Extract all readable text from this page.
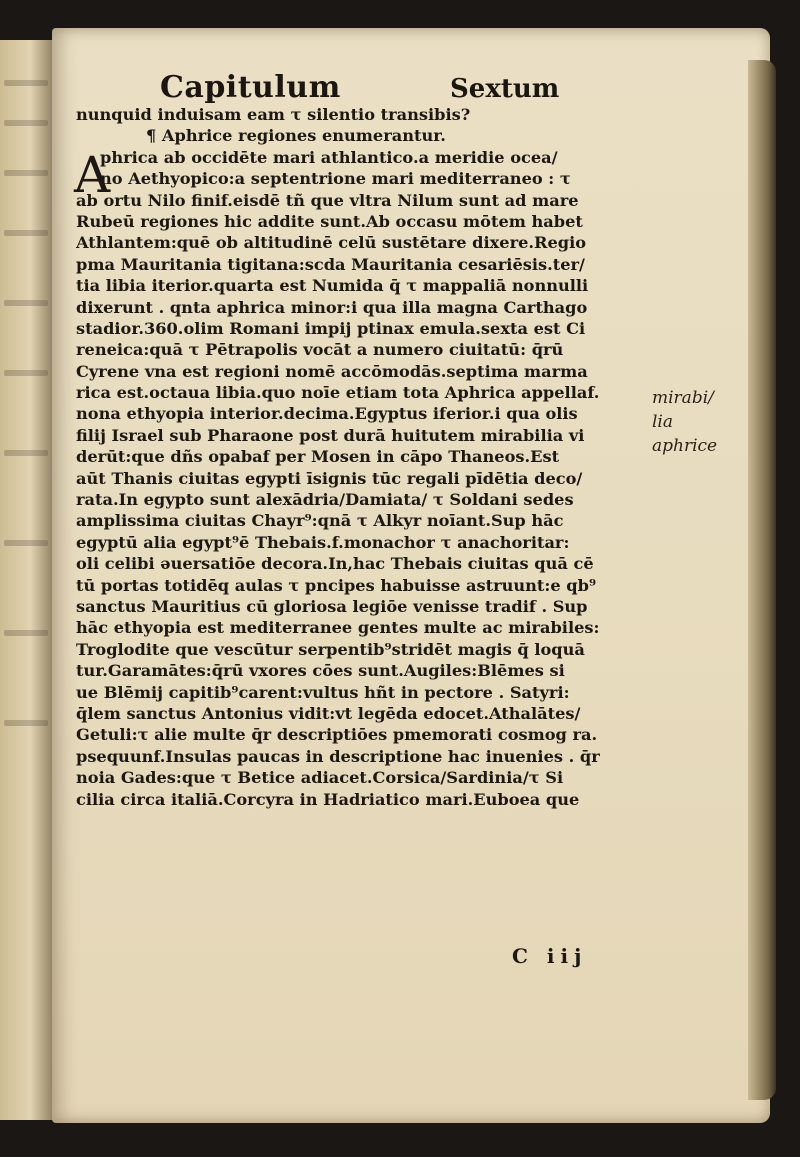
Capitulum	Sextum
A
nunquid induisam eam τ silentio transibis?
¶ Aphrice regiones enumerantur.
phrica ab occidēte mari athlantico.a meridie ocea/
no Aethyopico:a septentrione mari mediterraneo : τ
ab ortu Nilo finif.eisdē tñ que vltra Nilum sunt ad mare
Rubeū regiones hic addite sunt.Ab occasu mōtem habet
Athlantem:quē ob altitudinē celū sustētare dixere.Regio
pma Mauritania tigitana:scda Mauritania cesariēsis.ter/
tia libia iterior.quarta est Numida q̄ τ mappaliā nonnulli
dixerunt . qnta aphrica minor:i qua illa magna Carthago
stadior.360.olim Romani impij ptinax emula.sexta est Ci
reneica:quā τ Pētrapolis vocāt a numero ciuitatū: q̄rū
Cyrene vna est regioni nomē accōmodās.septima marma
rica est.octaua libia.quo noīe etiam tota Aphrica appellaf.
nona ethyopia interior.decima.Egyptus iferior.i qua olis
filij Israel sub Pharaone post durā huitutem mirabilia vi
derūt:que dñs opabaf per Mosen in cāpo Thaneos.Est
aūt Thanis ciuitas egypti īsignis tūc regali pīdētia deco/
rata.In egypto sunt alexādria/Damiata/ τ Soldani sedes
amplissima ciuitas Chayr⁹:qnā τ Alkyr noīant.Sup hāc
egyptū alia egypt⁹ē Thebais.f.monachor τ anachoritar:
oli celibi əuersatiōe decora.In,hac Thebais ciuitas quā cē
tū portas totidēq aulas τ pncipes habuisse astruunt:e qb⁹
sanctus Mauritius cū gloriosa legiōe venisse tradif . Sup
hāc ethyopia est mediterranee gentes multe ac mirabiles:
Troglodite que vescūtur serpentib⁹stridēt magis q̄ loquā
tur.Garamātes:q̄rū vxores cōes sunt.Augiles:Blēmes si
ue Blēmij capitib⁹carent:vultus hñt in pectore . Satyri:
q̄lem sanctus Antonius vidit:vt legēda edocet.Athalātes/
Getuli:τ alie multe q̄r descriptiōes pmemorati cosmog ra.
psequunf.Insulas paucas in descriptione hac inuenies . q̄r
noia Gades:que τ Betice adiacet.Corsica/Sardinia/τ Si
cilia circa italiā.Corcyra in Hadriatico mari.Euboea que
mirabi/
lia
aphrice
C iij
